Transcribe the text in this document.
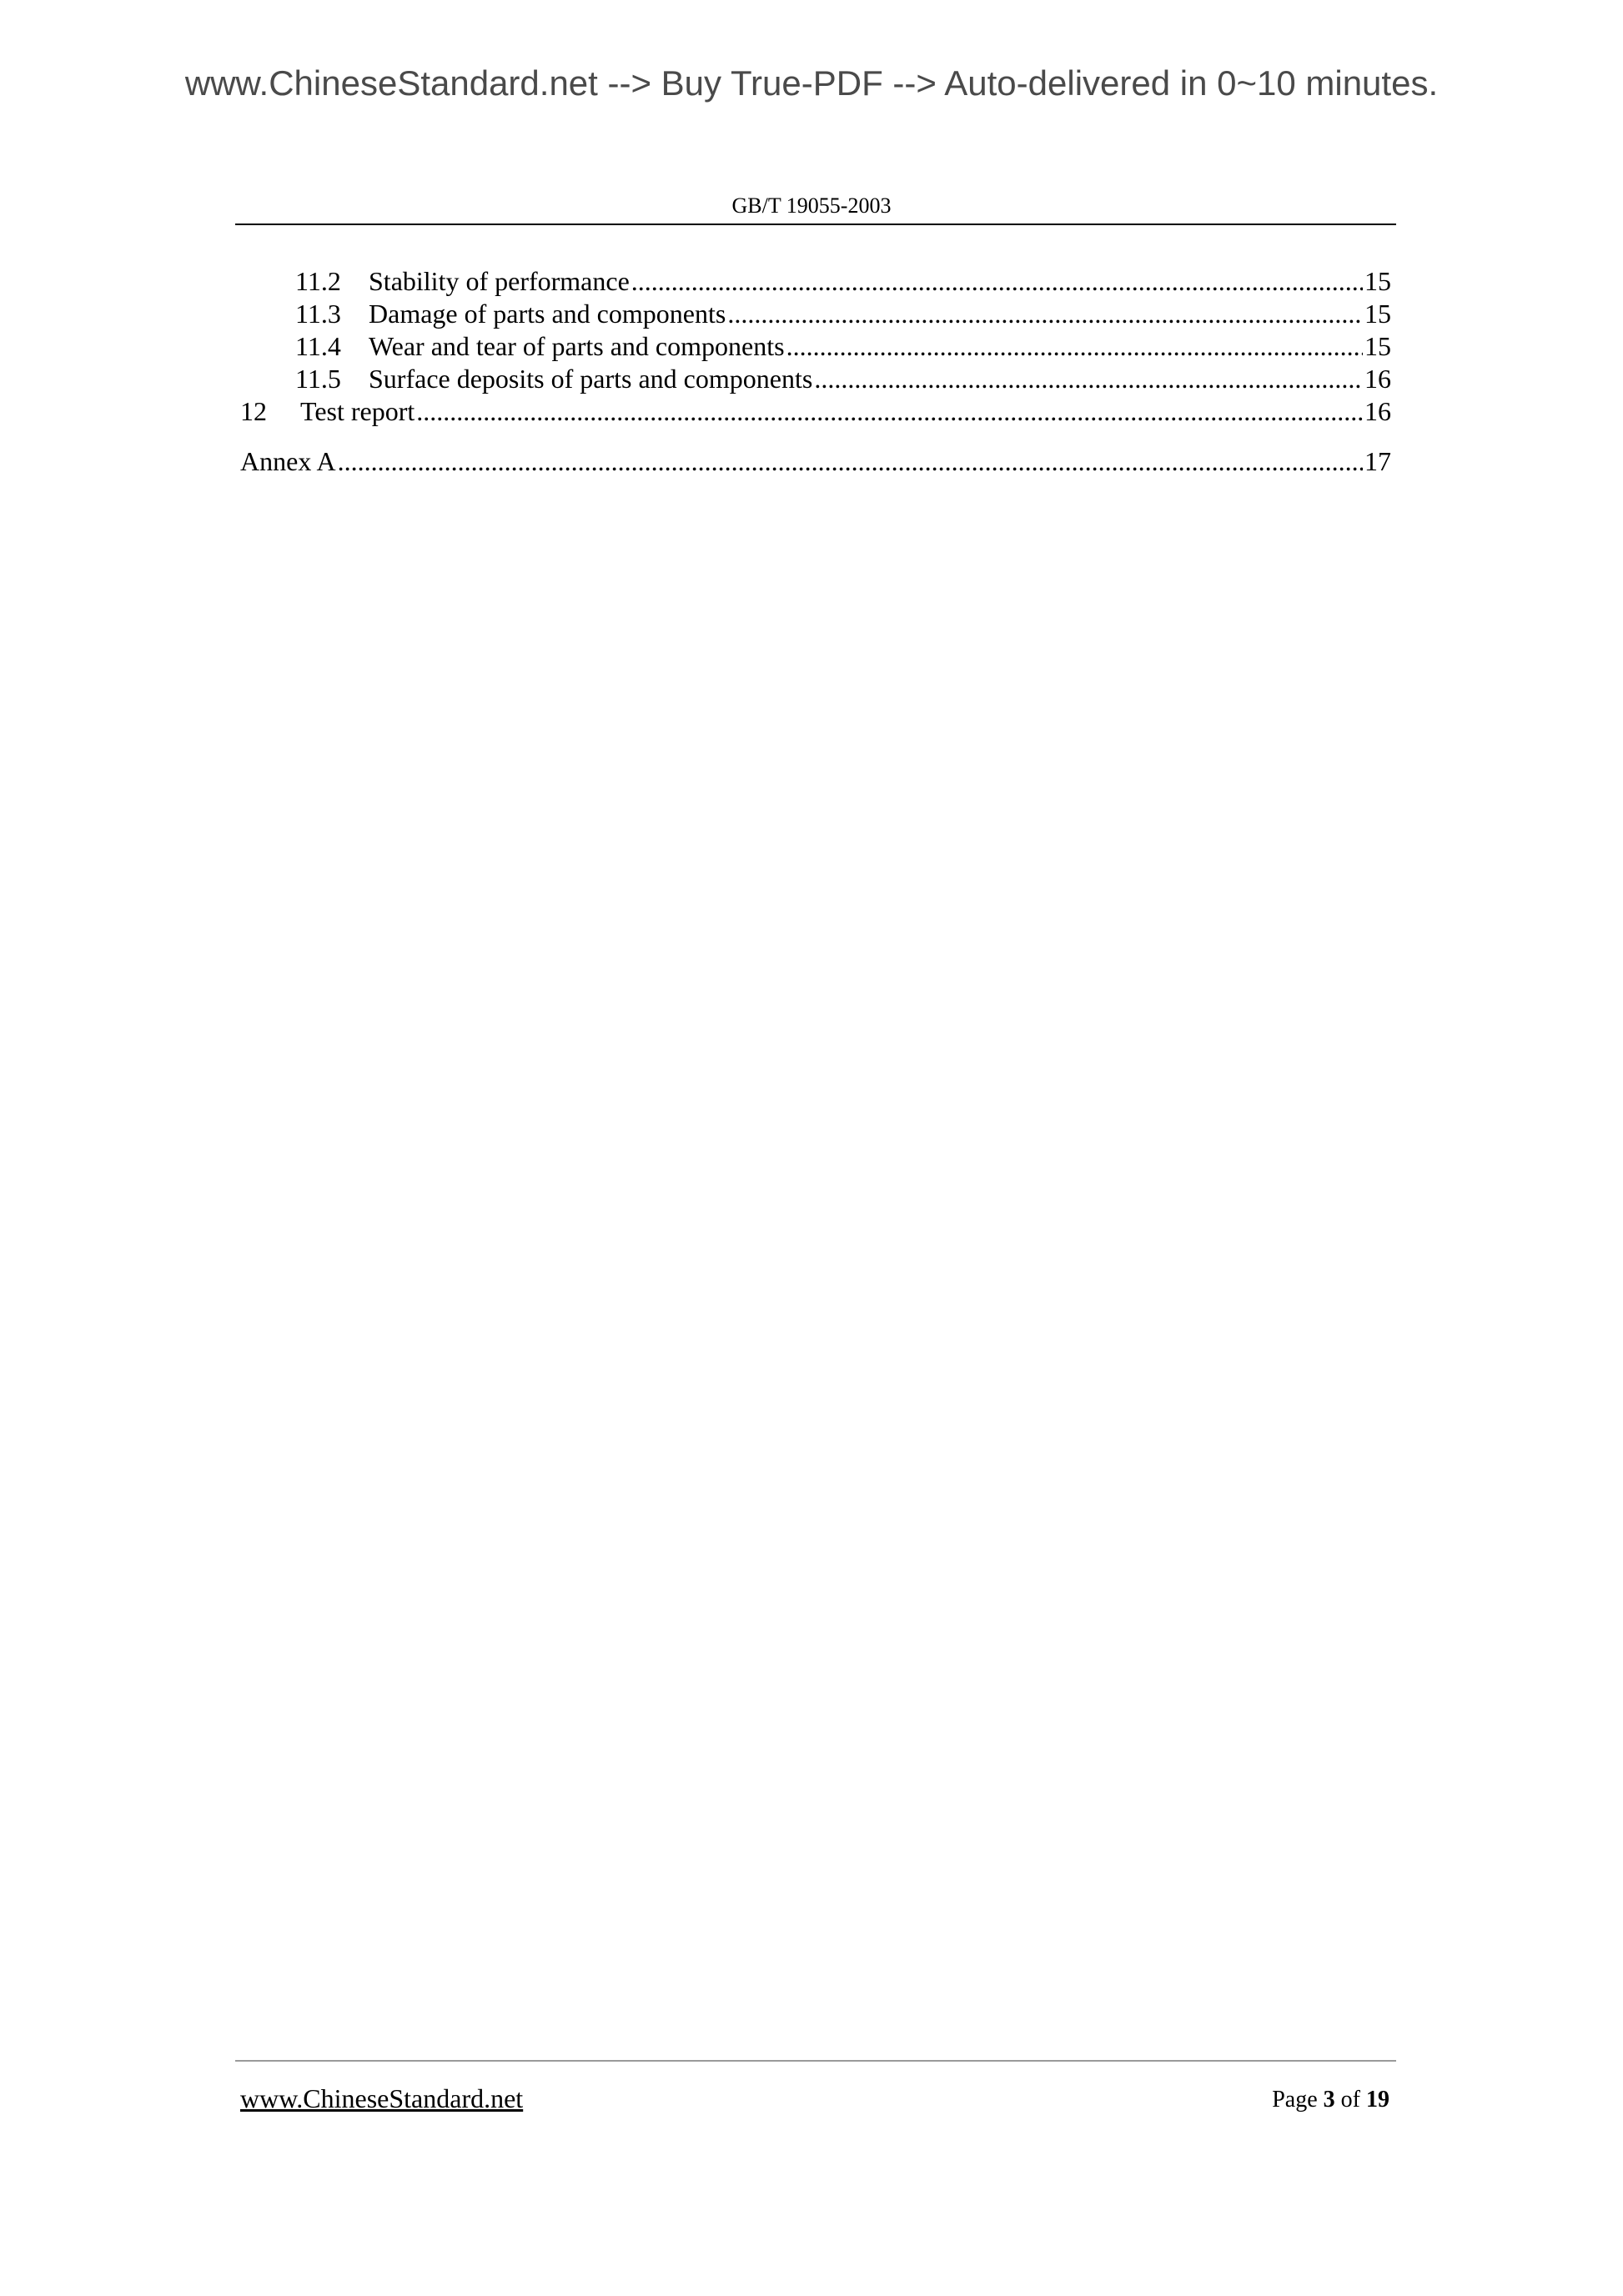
www.ChineseStandard.net --> Buy True-PDF --> Auto-delivered in 0~10 minutes.
GB/T 19055-2003
11.2	Stability of performance .....	15
11.3	Damage of parts and components .....	15
11.4	Wear and tear of parts and components .....	15
11.5	Surface deposits of parts and components .....	16
12	Test report .....	16
Annex A .....	17
www.ChineseStandard.net	Page 3 of 19
